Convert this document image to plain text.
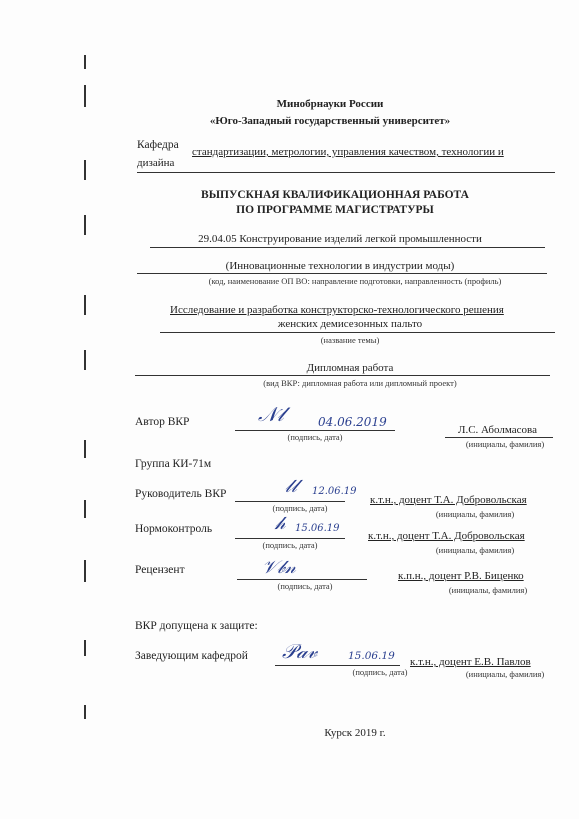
Минобрнауки России
«Юго-Западный государственный университет»
Кафедра
стандартизации, метрологии, управления качеством, технологии и
дизайна
ВЫПУСКНАЯ КВАЛИФИКАЦИОННАЯ РАБОТА
ПО ПРОГРАММЕ МАГИСТРАТУРЫ
29.04.05 Конструирование изделий легкой промышленности
(Инновационные технологии в индустрии моды)
(код, наименование ОП ВО: направление подготовки, направленность (профиль)
Исследование и разработка конструкторско-технологического решения
женских демисезонных пальто
(название темы)
Дипломная работа
(вид ВКР: дипломная работа или дипломный проект)
Автор ВКР	𝒩𝓁	04.06.2019
(подпись, дата)
Л.С. Аболмасова
(инициалы, фамилия)
Группа КИ-71м
Руководитель ВКР	𝓁𝓁 12.06.19
(подпись, дата)
к.т.н., доцент Т.А. Добровольская
(инициалы, фамилия)
Нормоконтроль	𝒽 15.06.19
(подпись, дата)
к.т.н., доцент Т.А. Добровольская
(инициалы, фамилия)
Рецензент	𝒱𝒷𝓃
(подпись, дата)
к.п.н., доцент Р.В. Биценко
(инициалы, фамилия)
ВКР допущена к защите:
Заведующим кафедрой 𝒫𝒶𝓋	15.06.19
(подпись, дата)
к.т.н., доцент Е.В. Павлов
(инициалы, фамилия)
Курск 2019 г.
